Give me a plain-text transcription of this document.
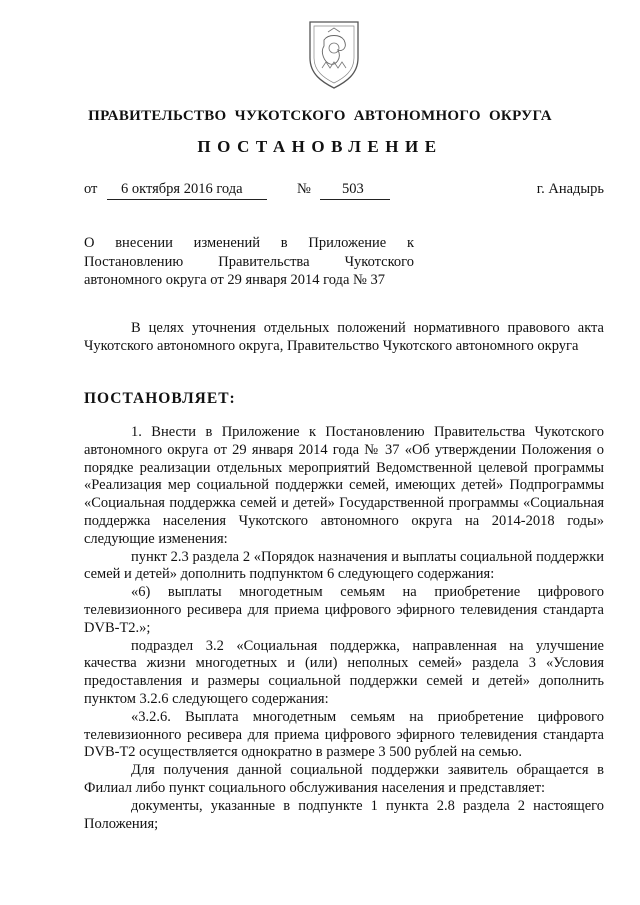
ПРАВИТЕЛЬСТВО  ЧУКОТСКОГО  АВТОНОМНОГО  ОКРУГА
ПОСТАНОВЛЕНИЕ
от	6 октября 2016 года	№	503	г. Анадырь
О внесении изменений в Приложение к
Постановлению Правительства Чукотского
автономного округа от 29 января 2014 года № 37

В целях уточнения отдельных положений нормативного правового акта Чукотского автономного округа, Правительство Чукотского автономного округа

ПОСТАНОВЛЯЕТ:

1. Внести в Приложение к Постановлению Правительства Чукотского автономного округа от 29 января 2014 года № 37 «Об утверждении Положения о порядке реализации отдельных мероприятий Ведомственной целевой программы «Реализация мер социальной поддержки семей, имеющих детей» Подпрограммы «Социальная поддержка семей и детей» Государственной программы «Социальная поддержка населения Чукотского автономного округа на 2014-2018 годы» следующие изменения:

пункт 2.3 раздела 2 «Порядок назначения и выплаты социальной поддержки семей и детей» дополнить подпунктом 6 следующего содержания:

«6) выплаты многодетным семьям на приобретение цифрового телевизионного ресивера для приема цифрового эфирного телевидения стандарта DVB-T2.»;

подраздел 3.2 «Социальная поддержка, направленная на улучшение качества жизни многодетных и (или) неполных семей» раздела 3 «Условия предоставления и размеры социальной поддержки семей и детей» дополнить пунктом 3.2.6 следующего содержания:

«3.2.6. Выплата многодетным семьям на приобретение цифрового телевизионного ресивера для приема цифрового эфирного телевидения стандарта DVB-T2 осуществляется однократно в размере 3 500 рублей на семью.

Для получения данной социальной поддержки заявитель обращается в Филиал либо пункт социального обслуживания населения и представляет:

документы, указанные в подпункте 1 пункта 2.8 раздела 2 настоящего Положения;
